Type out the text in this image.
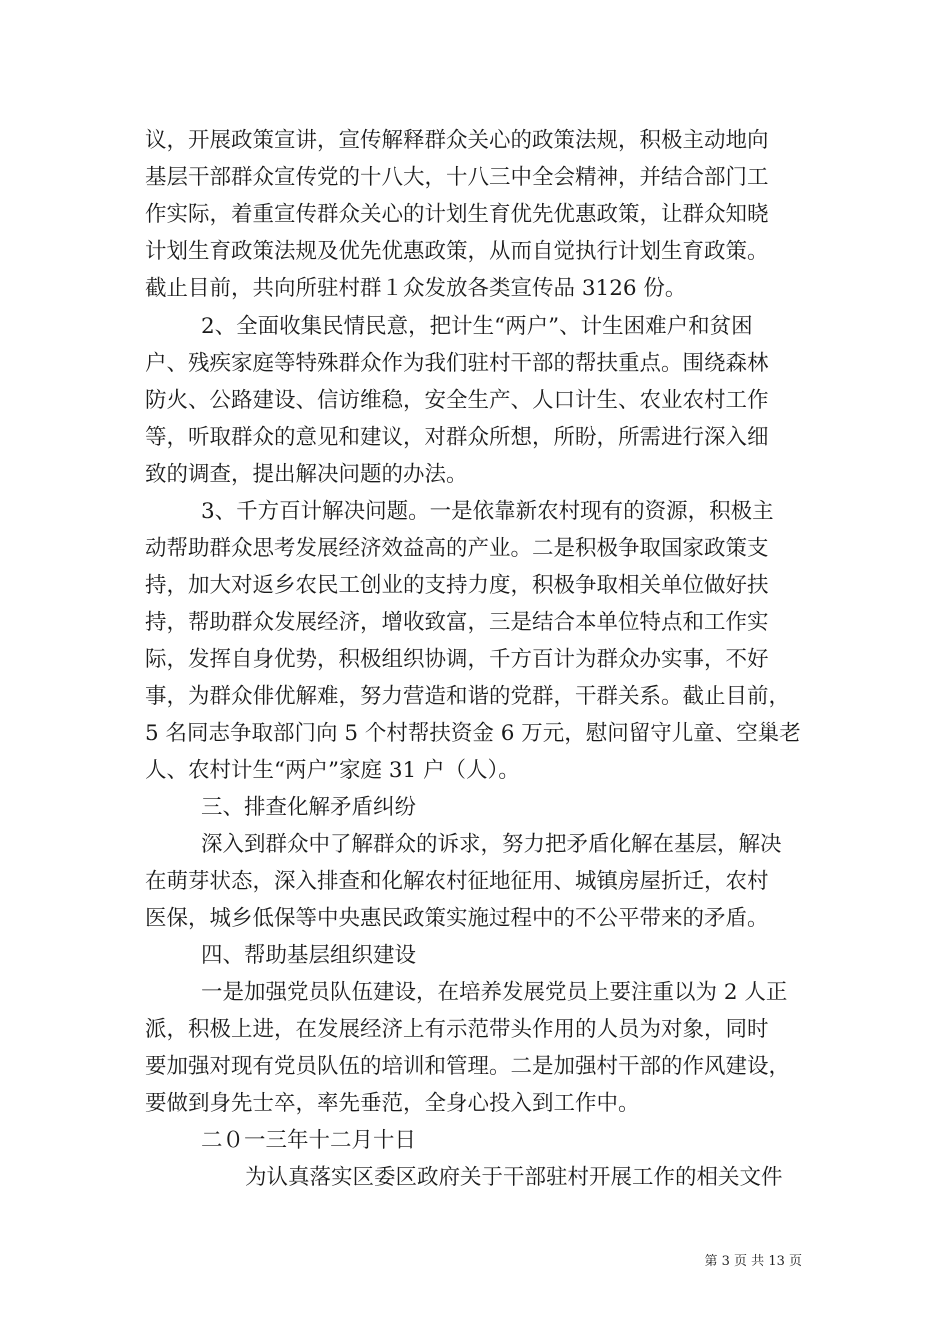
议，开展政策宣讲，宣传解释群众关心的政策法规，积极主动地向
基层干部群众宣传党的十八大，十八三中全会精神，并结合部门工
作实际，着重宣传群众关心的计划生育优先优惠政策，让群众知晓
计划生育政策法规及优先优惠政策，从而自觉执行计划生育政策。
截止目前，共向所驻村群１众发放各类宣传品 3126 份。
2、全面收集民情民意，把计生“两户”、计生困难户和贫困
户、残疾家庭等特殊群众作为我们驻村干部的帮扶重点。围绕森林
防火、公路建设、信访维稳，安全生产、人口计生、农业农村工作
等，听取群众的意见和建议，对群众所想，所盼，所需进行深入细
致的调查，提出解决问题的办法。
3、千方百计解决问题。一是依靠新农村现有的资源，积极主
动帮助群众思考发展经济效益高的产业。二是积极争取国家政策支
持，加大对返乡农民工创业的支持力度，积极争取相关单位做好扶
持，帮助群众发展经济，增收致富，三是结合本单位特点和工作实
际，发挥自身优势，积极组织协调，千方百计为群众办实事，不好
事，为群众俳优解难，努力营造和谐的党群，干群关系。截止目前，
5 名同志争取部门向 5 个村帮扶资金 6 万元，慰问留守儿童、空巢老
人、农村计生“两户”家庭 31 户（人）。
三、排查化解矛盾纠纷
深入到群众中了解群众的诉求，努力把矛盾化解在基层，解决
在萌芽状态，深入排查和化解农村征地征用、城镇房屋折迁，农村
医保，城乡低保等中央惠民政策实施过程中的不公平带来的矛盾。
四、帮助基层组织建设
一是加强党员队伍建设，在培养发展党员上要注重以为 2 人正
派，积极上进，在发展经济上有示范带头作用的人员为对象，同时
要加强对现有党员队伍的培训和管理。二是加强村干部的作风建设，
要做到身先士卒，率先垂范，全身心投入到工作中。
二０一三年十二月十日
为认真落实区委区政府关于干部驻村开展工作的相关文件
第 3 页 共 13 页
